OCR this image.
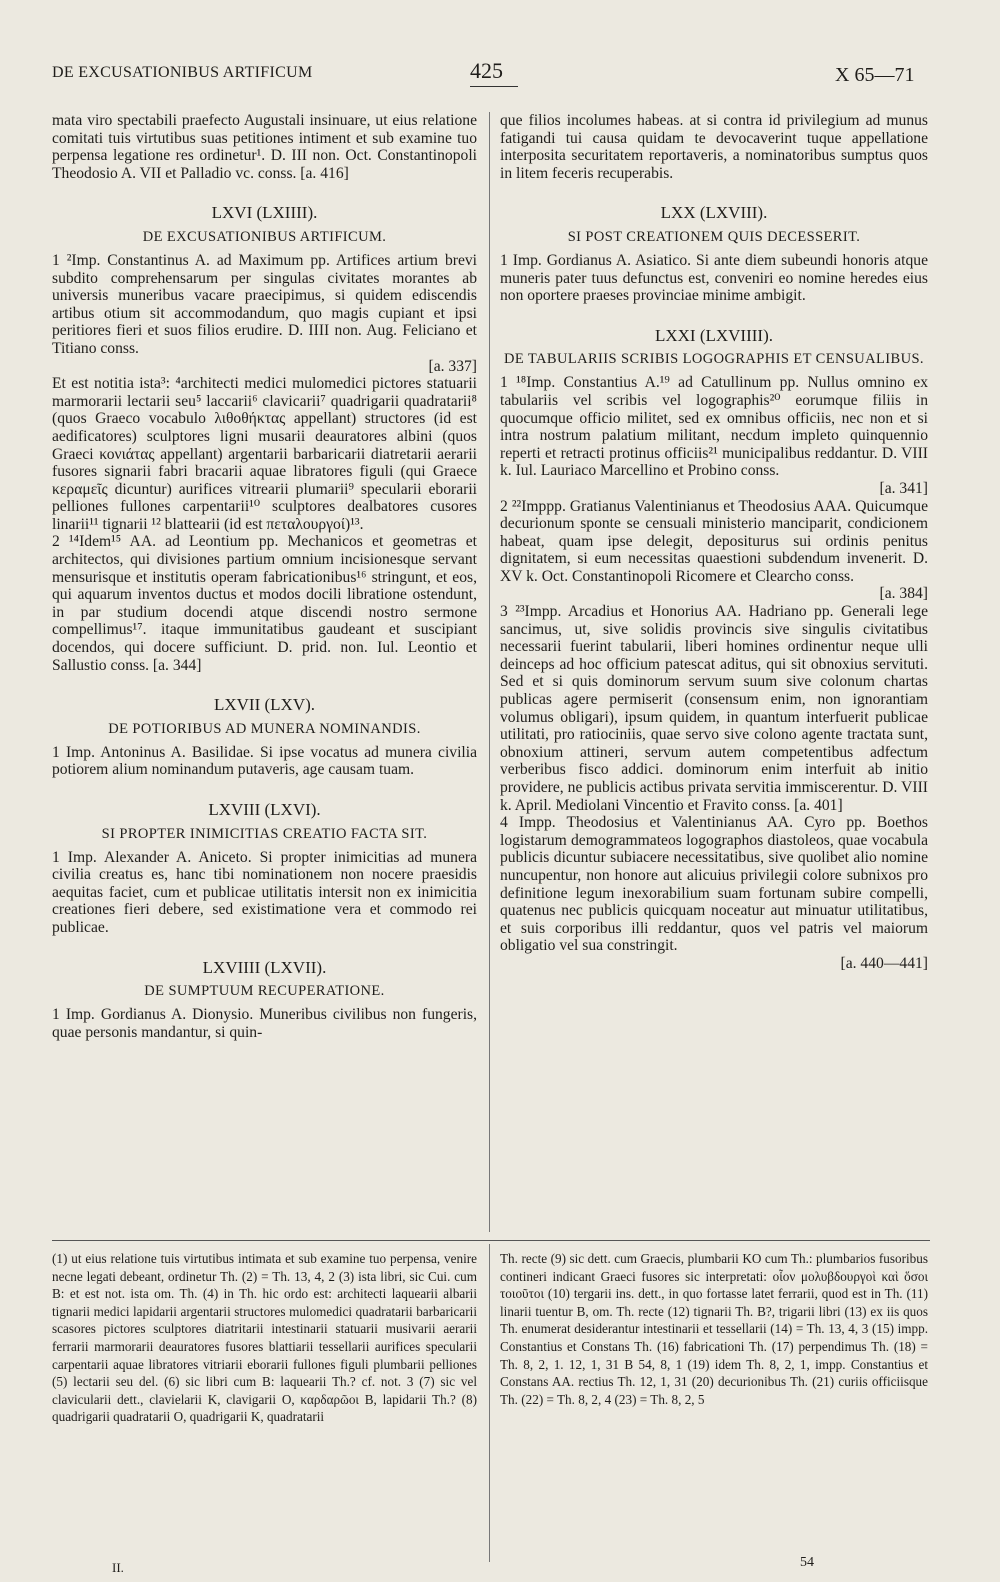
DE EXCUSATIONIBUS ARTIFICUM	425	X 65—71

mata viro spectabili praefecto Augustali insinuare, ut eius relatione comitati tuis virtutibus suas petitiones intiment et sub examine tuo perpensa legatione res ordinetur¹. D. III non. Oct. Constantinopoli Theodosio A. VII et Palladio vc. conss. [a. 416]

LXVI (LXIIII).
DE EXCUSATIONIBUS ARTIFICUM.

1 ²Imp. Constantinus A. ad Maximum pp. Artifices artium brevi subdito comprehensarum per singulas civitates morantes ab universis muneribus vacare praecipimus, si quidem ediscendis artibus otium sit accommodandum, quo magis cupiant et ipsi peritiores fieri et suos filios erudire. D. IIII non. Aug. Feliciano et Titiano conss.

[a. 337]

Et est notitia ista³: ⁴architecti medici mulomedici pictores statuarii marmorarii lectarii seu⁵ laccarii⁶ clavicarii⁷ quadrigarii quadratarii⁸ (quos Graeco vocabulo λιθοθήκτας appellant) structores (id est aedificatores) sculptores ligni musarii deauratores albini (quos Graeci κονιάτας appellant) argentarii barbaricarii diatretarii aerarii fusores signarii fabri bracarii aquae libratores figuli (qui Graece κεραμεῖς dicuntur) aurifices vitrearii plumarii⁹ specularii eborarii pelliones fullones carpentarii¹⁰ sculptores dealbatores cusores linarii¹¹ tignarii ¹² blattearii (id est πεταλουργοί)¹³.

2 ¹⁴Idem¹⁵ AA. ad Leontium pp. Mechanicos et geometras et architectos, qui divisiones partium omnium incisionesque servant mensurisque et institutis operam fabricationibus¹⁶ stringunt, et eos, qui aquarum inventos ductus et modos docili libratione ostendunt, in par studium docendi atque discendi nostro sermone compellimus¹⁷. itaque immunitatibus gaudeant et suscipiant docendos, qui docere sufficiunt. D. prid. non. Iul. Leontio et Sallustio conss. [a. 344]

LXVII (LXV).
DE POTIORIBUS AD MUNERA NOMINANDIS.

1 Imp. Antoninus A. Basilidae. Si ipse vocatus ad munera civilia potiorem alium nominandum putaveris, age causam tuam.

LXVIII (LXVI).
SI PROPTER INIMICITIAS CREATIO FACTA SIT.

1 Imp. Alexander A. Aniceto. Si propter inimicitias ad munera civilia creatus es, hanc tibi nominationem non nocere praesidis aequitas faciet, cum et publicae utilitatis intersit non ex inimicitia creationes fieri debere, sed existimatione vera et commodo rei publicae.

LXVIIII (LXVII).
DE SUMPTUUM RECUPERATIONE.

1 Imp. Gordianus A. Dionysio. Muneribus civilibus non fungeris, quae personis mandantur, si quin-

que filios incolumes habeas. at si contra id privilegium ad munus fatigandi tui causa quidam te devocaverint tuque appellatione interposita securitatem reportaveris, a nominatoribus sumptus quos in litem feceris recuperabis.

LXX (LXVIII).
SI POST CREATIONEM QUIS DECESSERIT.

1 Imp. Gordianus A. Asiatico. Si ante diem subeundi honoris atque muneris pater tuus defunctus est, conveniri eo nomine heredes eius non oportere praeses provinciae minime ambigit.

LXXI (LXVIIII).
DE TABULARIIS SCRIBIS LOGOGRAPHIS ET CENSUALIBUS.

1 ¹⁸Imp. Constantius A.¹⁹ ad Catullinum pp. Nullus omnino ex tabulariis vel scribis vel logographis²⁰ eorumque filiis in quocumque officio militet, sed ex omnibus officiis, nec non et si intra nostrum palatium militant, necdum impleto quinquennio reperti et retracti protinus officiis²¹ municipalibus reddantur. D. VIII k. Iul. Lauriaco Marcellino et Probino conss.

[a. 341]

2 ²²Imppp. Gratianus Valentinianus et Theodosius AAA. Quicumque decurionum sponte se censuali ministerio manciparit, condicionem habeat, quam ipse delegit, depositurus sui ordinis penitus dignitatem, si eum necessitas quaestioni subdendum invenerit. D. XV k. Oct. Constantinopoli Ricomere et Clearcho conss.

[a. 384]

3 ²³Impp. Arcadius et Honorius AA. Hadriano pp. Generali lege sancimus, ut, sive solidis provincis sive singulis civitatibus necessarii fuerint tabularii, liberi homines ordinentur neque ulli deinceps ad hoc officium patescat aditus, qui sit obnoxius servituti. Sed et si quis dominorum servum suum sive colonum chartas publicas agere permiserit (consensum enim, non ignorantiam volumus obligari), ipsum quidem, in quantum interfuerit publicae utilitati, pro ratiociniis, quae servo sive colono agente tractata sunt, obnoxium attineri, servum autem competentibus adfectum verberibus fisco addici. dominorum enim interfuit ab initio providere, ne publicis actibus privata servitia immiscerentur. D. VIII k. April. Mediolani Vincentio et Fravito conss. [a. 401]

4 Impp. Theodosius et Valentinianus AA. Cyro pp. Boethos logistarum demogrammateos logographos diastoleos, quae vocabula publicis dicuntur subiacere necessitatibus, sive quolibet alio nomine nuncupentur, non honore aut alicuius privilegii colore subnixos pro definitione legum inexorabilium suam fortunam subire compelli, quatenus nec publicis quicquam noceatur aut minuatur utilitatibus, et suis corporibus illi reddantur, quos vel patris vel maiorum obligatio vel sua constringit.

[a. 440—441]

(1) ut eius relatione tuis virtutibus intimata et sub examine tuo perpensa, venire necne legati debeant, ordinetur Th. (2) = Th. 13, 4, 2 (3) ista libri, sic Cui. cum B: et est not. ista om. Th. (4) in Th. hic ordo est: architecti laquearii albarii tignarii medici lapidarii argentarii structores mulomedici quadratarii barbaricarii scasores pictores sculptores diatritarii intestinarii statuarii musivarii aerarii ferrarii marmorarii deauratores fusores blattiarii tessellarii aurifices specularii carpentarii aquae libratores vitriarii eborarii fullones figuli plumbarii pelliones (5) lectarii seu del. (6) sic libri cum B: laquearii Th.? cf. not. 3 (7) sic vel clavicularii dett., clavielarii K, clavigarii O, καρδαρῶοι B, lapidarii Th.? (8) quadrigarii quadratarii O, quadrigarii K, quadratarii
Th. recte (9) sic dett. cum Graecis, plumbarii KO cum Th.: plumbarios fusoribus contineri indicant Graeci fusores sic interpretati: οἷον μολυβδουργοὶ καὶ ὅσοι τοιοῦτοι (10) tergarii ins. dett., in quo fortasse latet ferrarii, quod est in Th. (11) linarii tuentur B, om. Th. recte (12) tignarii Th. B?, trigarii libri (13) ex iis quos Th. enumerat desiderantur intestinarii et tessellarii (14) = Th. 13, 4, 3 (15) impp. Constantius et Constans Th. (16) fabricationi Th. (17) perpendimus Th. (18) = Th. 8, 2, 1. 12, 1, 31 B 54, 8, 1 (19) idem Th. 8, 2, 1, impp. Constantius et Constans AA. rectius Th. 12, 1, 31 (20) decurionibus Th. (21) curiis officiisque Th. (22) = Th. 8, 2, 4 (23) = Th. 8, 2, 5
II.	54
